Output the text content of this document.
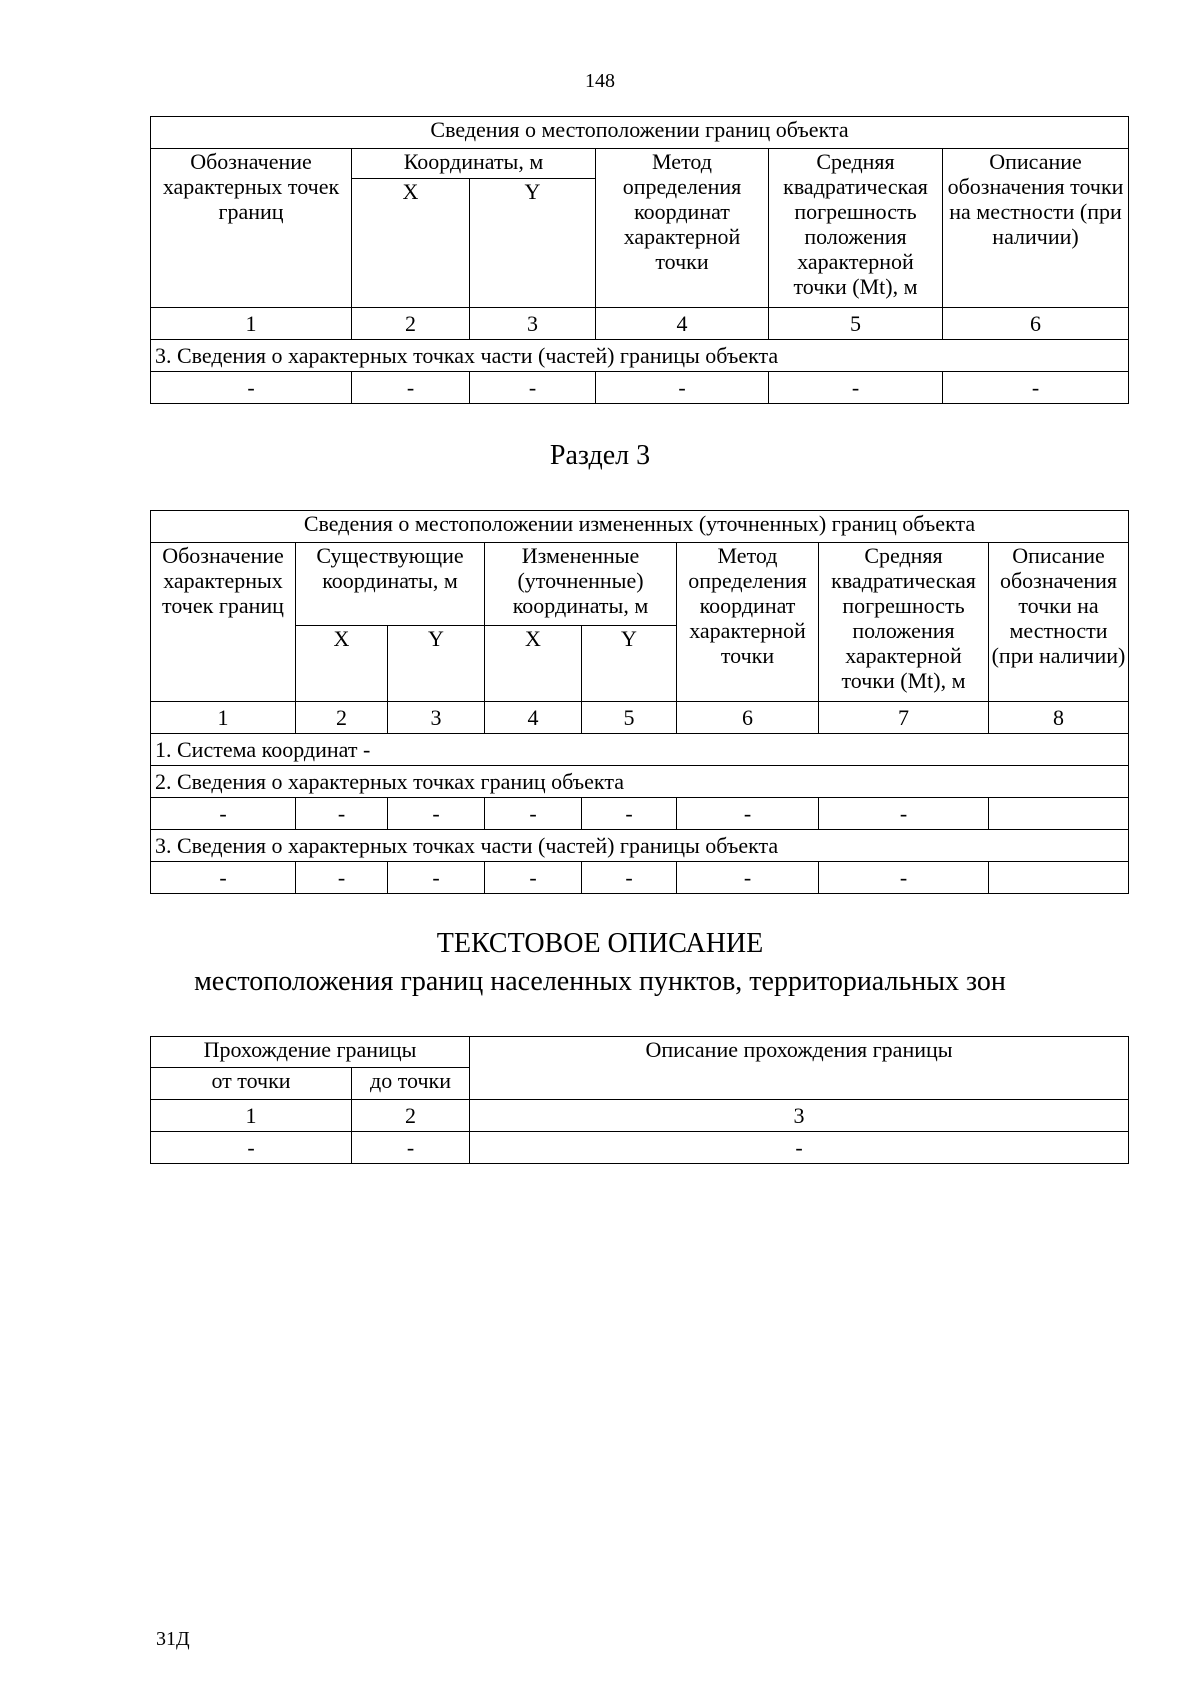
148
Сведения о местоположении границ объекта					
Обозначение характерных точек границ	Координаты, м		Метод определения координат характерной точки	Средняя квадратическая погрешность положения характерной точки (Mt), м	Описание обозначения точки на местности (при наличии)
	X	Y			
1	2	3	4	5	6
3. Сведения о характерных точках части (частей) границы объекта					
-	-	-	-	-	-
Раздел 3
Сведения о местоположении измененных (уточненных) границ объекта							
Обозначение характерных точек границ	Существующие координаты, м		Измененные (уточненные) координаты, м		Метод определения координат характерной точки	Средняя квадратическая погрешность положения характерной точки (Mt), м	Описание обозначения точки на местности (при наличии)
	X	Y	X	Y			
1	2	3	4	5	6	7	8
1. Система координат -							
2. Сведения о характерных точках границ объекта							
-	-	-	-	-	-	-	
3. Сведения о характерных точках части (частей) границы объекта							
-	-	-	-	-	-	-	
ТЕКСТОВОЕ ОПИСАНИЕ
местоположения границ населенных пунктов, территориальных зон
Прохождение границы		Описание прохождения границы
от точки	до точки	
1	2	3
-	-	-
31Д
